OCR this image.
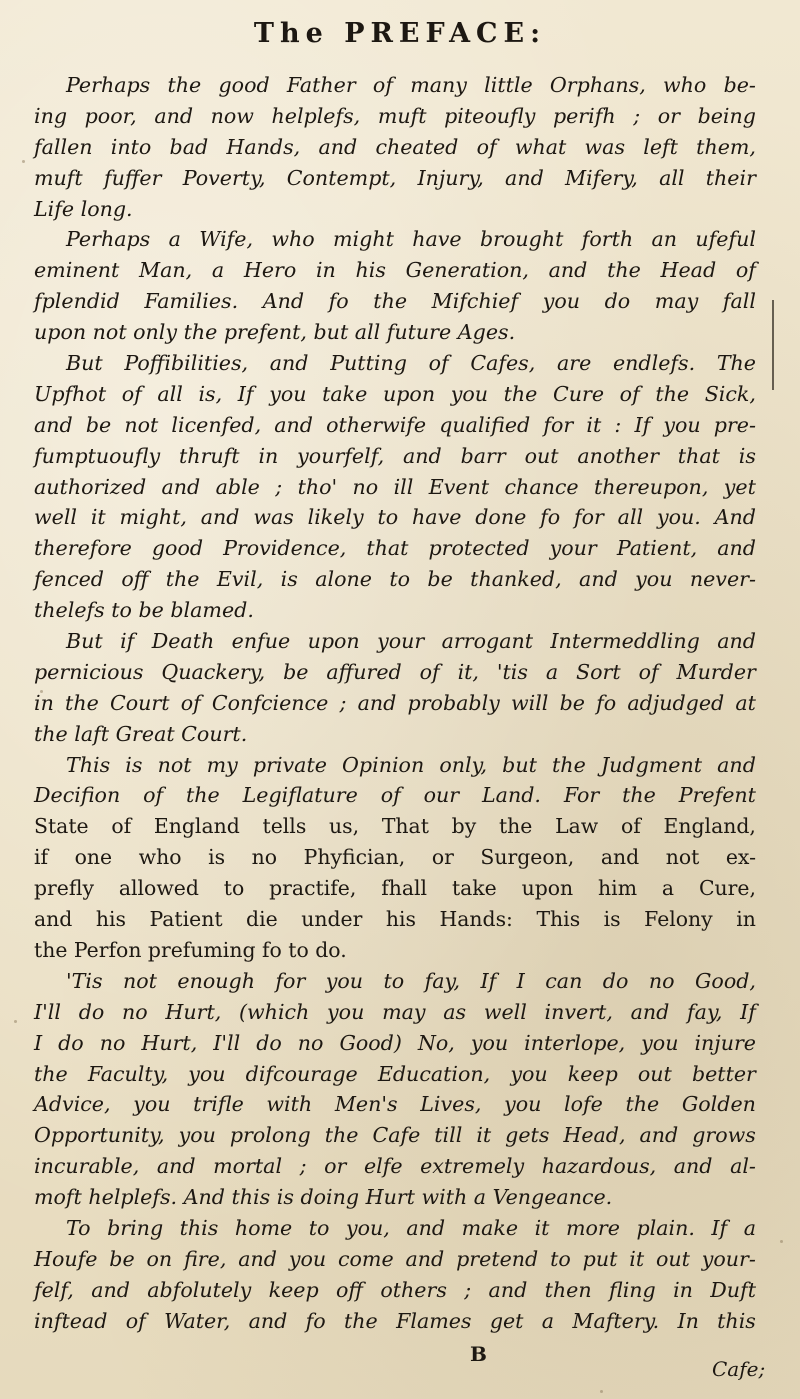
The PREFACE:
Perhaps the good Father of many little Orphans, who be-
ing poor, and now helplefs, muft piteoufly perifh ; or being
fallen into bad Hands, and cheated of what was left them,
muft fuffer Poverty, Contempt, Injury, and Mifery, all their
Life long.
Perhaps a Wife, who might have brought forth an ufeful
eminent Man, a Hero in his Generation, and the Head of
fplendid Families. And fo the Mifchief you do may fall
upon not only the prefent, but all future Ages.
But Poffibilities, and Putting of Cafes, are endlefs. The
Upfhot of all is, If you take upon you the Cure of the Sick,
and be not licenfed, and otherwife qualified for it : If you pre-
fumptuoufly thruft in yourfelf, and barr out another that is
authorized and able ; tho' no ill Event chance thereupon, yet
well it might, and was likely to have done fo for all you. And
therefore good Providence, that protected your Patient, and
fenced off the Evil, is alone to be thanked, and you never-
thelefs to be blamed.
But if Death enfue upon your arrogant Intermeddling and
pernicious Quackery, be affured of it, 'tis a Sort of Murder
in the Court of Confcience ; and probably will be fo adjudged at
the laft Great Court.
This is not my private Opinion only, but the Judgment and
Decifion of the Legiflature of our Land. For the Prefent
State of England tells us, That by the Law of England,
if one who is no Phyfician, or Surgeon, and not ex-
prefly allowed to practife, fhall take upon him a Cure,
and his Patient die under his Hands: This is Felony in
the Perfon prefuming fo to do.
'Tis not enough for you to fay, If I can do no Good,
I'll do no Hurt, (which you may as well invert, and fay, If
I do no Hurt, I'll do no Good) No, you interlope, you injure
the Faculty, you difcourage Education, you keep out better
Advice, you trifle with Men's Lives, you lofe the Golden
Opportunity, you prolong the Cafe till it gets Head, and grows
incurable, and mortal ; or elfe extremely hazardous, and al-
moft helplefs. And this is doing Hurt with a Vengeance.
To bring this home to you, and make it more plain. If a
Houfe be on fire, and you come and pretend to put it out your-
felf, and abfolutely keep off others ; and then fling in Duft
inftead of Water, and fo the Flames get a Maftery. In this
B
Cafe;
